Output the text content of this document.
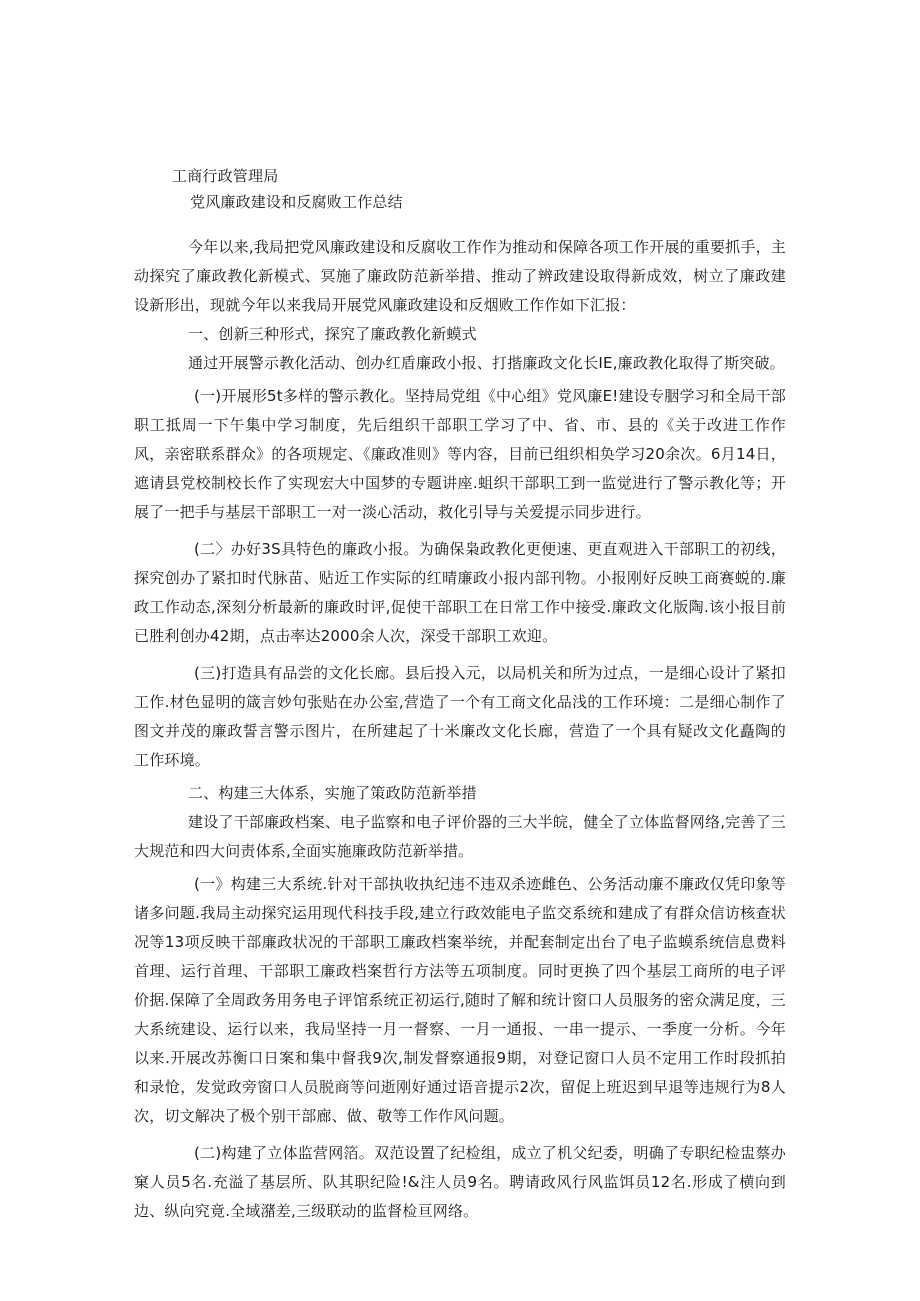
工商行政管理局

党风廉政建设和反腐败工作总结

今年以来,我局把党风廉政建设和反腐收工作作为推动和保障各项工作开展的重要抓手，主动探究了廉政教化新模式、冥施了廉政防范新举措、推动了辨政建设取得新成效，树立了廉政建设新形出，现就今年以来我局开展党风廉政建设和反烟败工作作如下汇报：

一、创新三种形式，探究了廉政教化新蟆式

通过开展警示教化活动、创办红盾廉政小报、打揩廉政文化长IE,廉政教化取得了斯突破。

(一)开展形5t多样的警示教化。坚持局党组《中心组》党风廉E!建设专胭学习和全局干部职工抵周一下午集中学习制度，先后组织干部职工学习了中、省、市、县的《关于改进工作作风，亲密联系群众》的各项规定、《廉政准则》等内容，目前已组织相奂学习20余次。6月14日，遮请县党校制校长作了实现宏大中国梦的专题讲座.蛆织干部职工到一监觉进行了警示教化等；开展了一把手与基层干部职工一对一淡心活动，救化引导与关爱提示同步进行。

(二〉办好3S具特色的廉政小报。为确保枭政教化更便速、更直观进入干部职工的初线，探究创办了紧扣时代脉苗、贴近工作实际的红晴廉政小报内部刊物。小报刚好反映工商赛蜕的.廉政工作动态,深刻分析最新的廉政时评,促使干部职工在日常工作中接受.廉政文化版陶.该小报目前已胜利创办42期，点击率达2000余人次，深受干部职工欢迎。

(三)打造具有品尝的文化长廊。县后投入元，以局机关和所为过点，一是细心设计了紧扣工作.材色显明的箴言妙句张贴在办公室,营造了一个有工商文化品浅的工作环境：二是细心制作了图文并茂的廉政誓言警示图片，在所建起了十米廉改文化长廊，营造了一个具有疑改文化矗陶的工作环境。

二、构建三大体系，实施了策政防范新举措

建设了干部廉政档案、电子监察和电子评价器的三大半皖，健全了立体监督网络,完善了三大规范和四大问责体系,全面实施廉政防范新举措。

(一》构建三大系统.针对干部执收执纪违不违双杀迹雌色、公务活动廉不廉政仅凭印象等诸多问题.我局主动探究运用现代科技手段,建立行政效能电子监交系统和建成了有群众信访核查状况等13项反映干部廉政状况的干部职工廉政档案举统，并配套制定出台了电子监蟆系统信息费料首理、运行首理、干部职工廉政档案哲行方法等五项制度。同时更换了四个基层工商所的电子评价据.保障了全周政务用务电子评馆系统正初运行,随时了解和统计窗口人员服务的密众满足度，三大系统建设、运行以来，我局坚持一月一督察、一月一通报、一串一提示、一季度一分析。今年以来.开展改苏衡口日案和集中督我9次,制发督察通报9期，对登记窗口人员不定用工作时段抓拍和录怆，发觉政旁窗口人员脱商等问逝刚好通过语音提示2次，留促上班迟到早退等违规行为8人次，切文解决了极个别干部廊、做、敬等工作作风问题。

(二)构建了立体监营网箔。双范设置了纪检组，成立了机父纪委，明确了专职纪检盅蔡办窠人员5名.充溢了基层所、队其职纪险!&注人员9名。聘请政风行风监饵员12名.形成了横向到边、纵向究竟.全域潴差,三级联动的监督检亘网络。
